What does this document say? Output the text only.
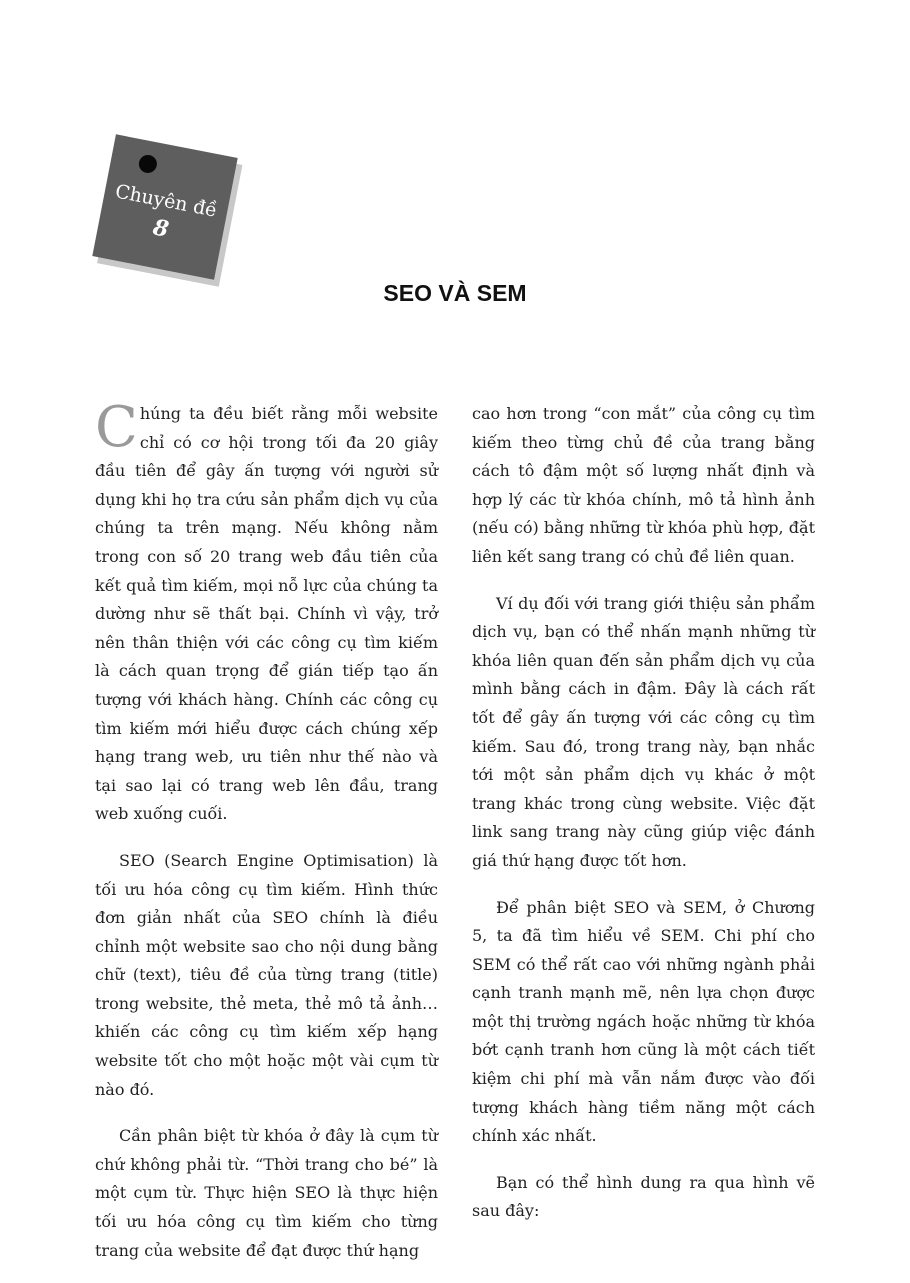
Chuyên đề
8
SEO VÀ SEM

Chúng ta đều biết rằng mỗi website chỉ có cơ hội trong tối đa 20 giây đầu tiên để gây ấn tượng với người sử dụng khi họ tra cứu sản phẩm dịch vụ của chúng ta trên mạng. Nếu không nằm trong con số 20 trang web đầu tiên của kết quả tìm kiếm, mọi nỗ lực của chúng ta dường như sẽ thất bại. Chính vì vậy, trở nên thân thiện với các công cụ tìm kiếm là cách quan trọng để gián tiếp tạo ấn tượng với khách hàng. Chính các công cụ tìm kiếm mới hiểu được cách chúng xếp hạng trang web, ưu tiên như thế nào và tại sao lại có trang web lên đầu, trang web xuống cuối.

SEO (Search Engine Optimisation) là tối ưu hóa công cụ tìm kiếm. Hình thức đơn giản nhất của SEO chính là điều chỉnh một website sao cho nội dung bằng chữ (text), tiêu đề của từng trang (title) trong website, thẻ meta, thẻ mô tả ảnh… khiến các công cụ tìm kiếm xếp hạng website tốt cho một hoặc một vài cụm từ nào đó.

Cần phân biệt từ khóa ở đây là cụm từ chứ không phải từ. “Thời trang cho bé” là một cụm từ. Thực hiện SEO là thực hiện tối ưu hóa công cụ tìm kiếm cho từng trang của website để đạt được thứ hạng

cao hơn trong “con mắt” của công cụ tìm kiếm theo từng chủ đề của trang bằng cách tô đậm một số lượng nhất định và hợp lý các từ khóa chính, mô tả hình ảnh (nếu có) bằng những từ khóa phù hợp, đặt liên kết sang trang có chủ đề liên quan.

Ví dụ đối với trang giới thiệu sản phẩm dịch vụ, bạn có thể nhấn mạnh những từ khóa liên quan đến sản phẩm dịch vụ của mình bằng cách in đậm. Đây là cách rất tốt để gây ấn tượng với các công cụ tìm kiếm. Sau đó, trong trang này, bạn nhắc tới một sản phẩm dịch vụ khác ở một trang khác trong cùng website. Việc đặt link sang trang này cũng giúp việc đánh giá thứ hạng được tốt hơn.

Để phân biệt SEO và SEM, ở Chương 5, ta đã tìm hiểu về SEM. Chi phí cho SEM có thể rất cao với những ngành phải cạnh tranh mạnh mẽ, nên lựa chọn được một thị trường ngách hoặc những từ khóa bớt cạnh tranh hơn cũng là một cách tiết kiệm chi phí mà vẫn nắm được vào đối tượng khách hàng tiềm năng một cách chính xác nhất.

Bạn có thể hình dung ra qua hình vẽ sau đây:
